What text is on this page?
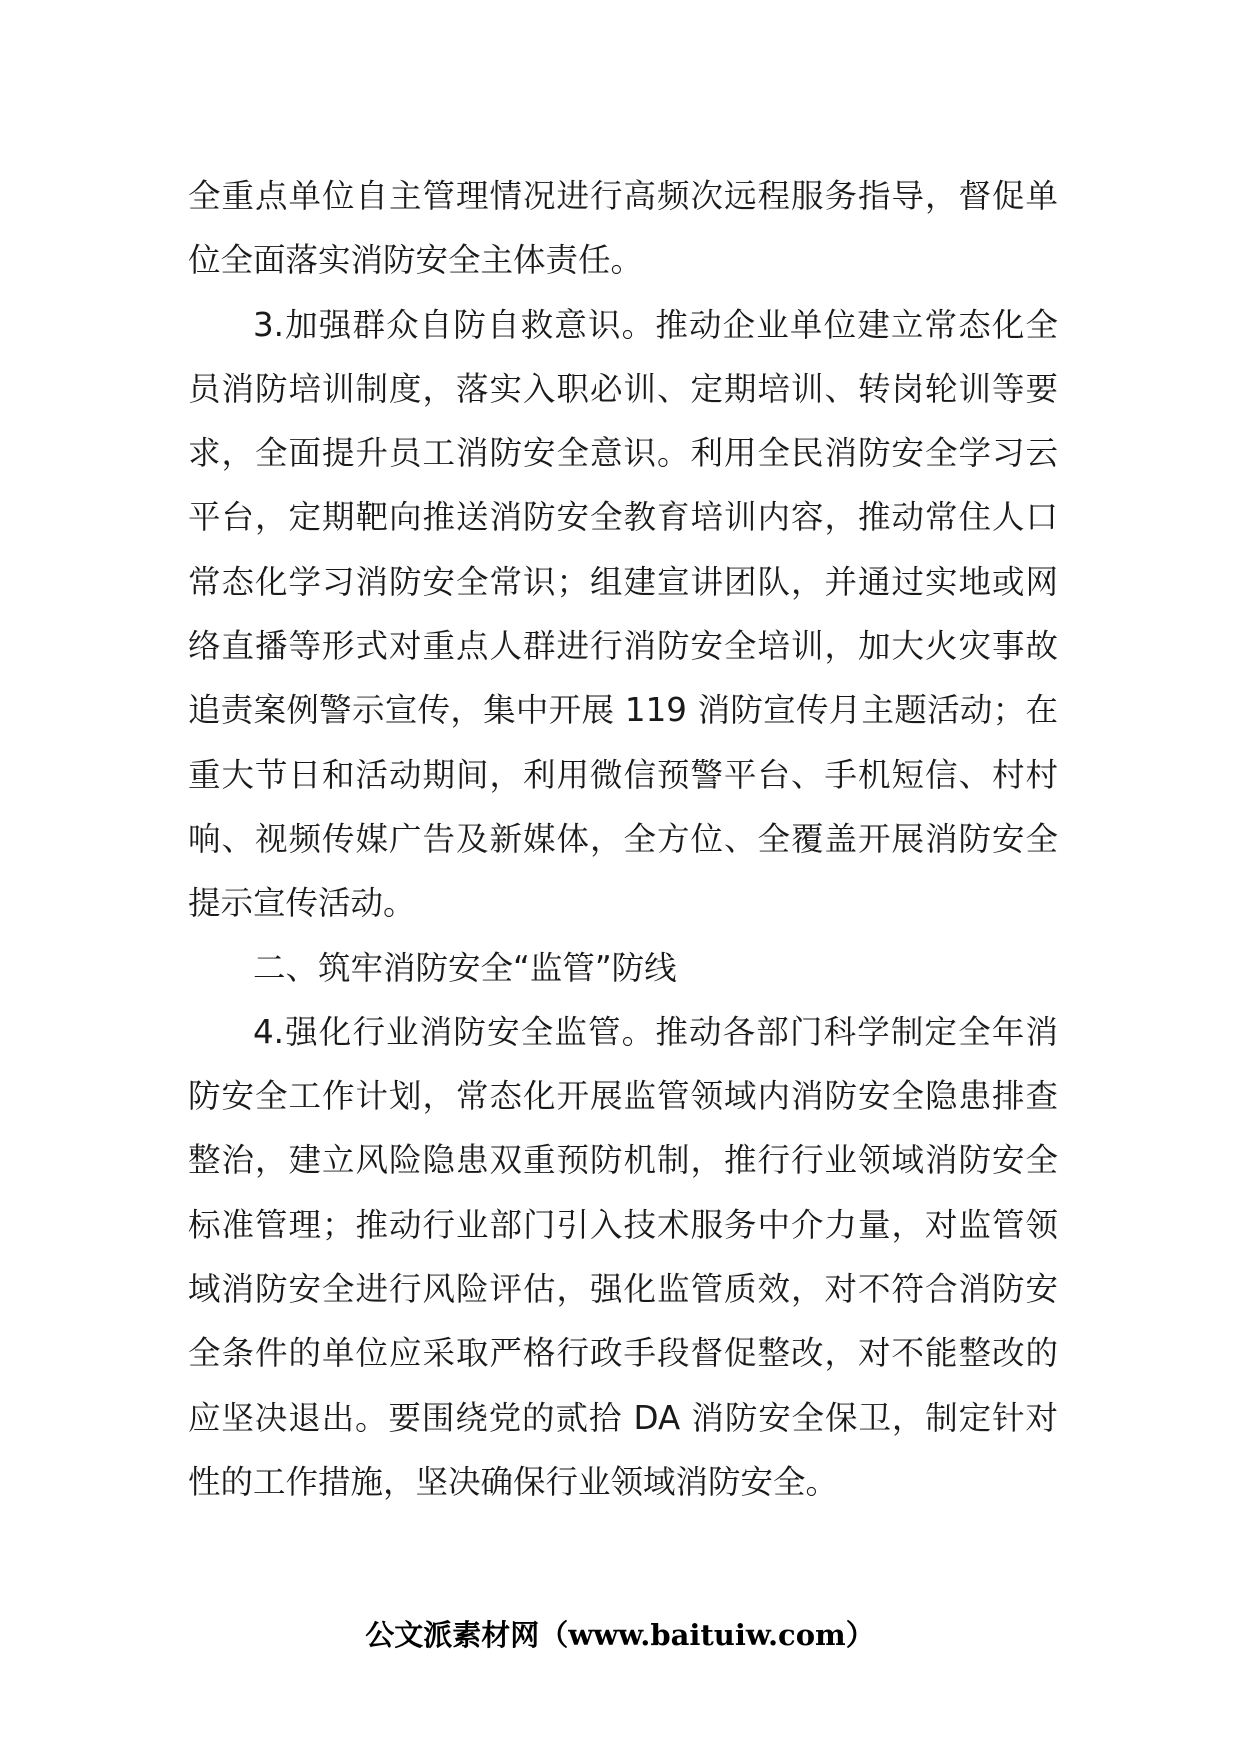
全重点单位自主管理情况进行高频次远程服务指导，督促单位全面落实消防安全主体责任。

3.加强群众自防自救意识。推动企业单位建立常态化全员消防培训制度，落实入职必训、定期培训、转岗轮训等要求，全面提升员工消防安全意识。利用全民消防安全学习云平台，定期靶向推送消防安全教育培训内容，推动常住人口常态化学习消防安全常识；组建宣讲团队，并通过实地或网络直播等形式对重点人群进行消防安全培训，加大火灾事故追责案例警示宣传，集中开展 119 消防宣传月主题活动；在重大节日和活动期间，利用微信预警平台、手机短信、村村响、视频传媒广告及新媒体，全方位、全覆盖开展消防安全提示宣传活动。

二、筑牢消防安全“监管”防线

4.强化行业消防安全监管。推动各部门科学制定全年消防安全工作计划，常态化开展监管领域内消防安全隐患排查整治，建立风险隐患双重预防机制，推行行业领域消防安全标准管理；推动行业部门引入技术服务中介力量，对监管领域消防安全进行风险评估，强化监管质效，对不符合消防安全条件的单位应采取严格行政手段督促整改，对不能整改的应坚决退出。要围绕党的贰拾 DA 消防安全保卫，制定针对性的工作措施，坚决确保行业领域消防安全。

公文派素材网（www.baituiw.com）
